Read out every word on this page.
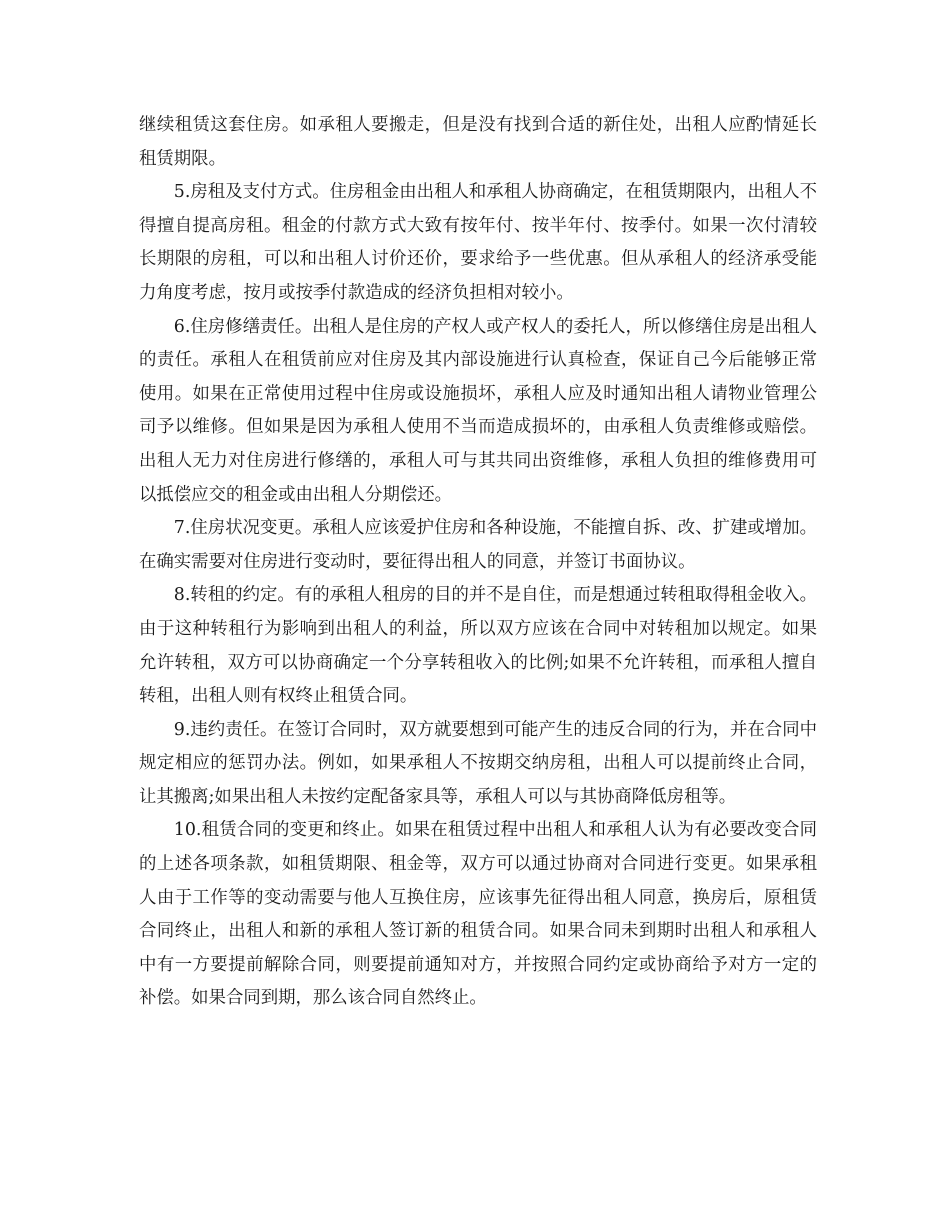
继续租赁这套住房。如承租人要搬走，但是没有找到合适的新住处，出租人应酌情延长租赁期限。

5.房租及支付方式。住房租金由出租人和承租人协商确定，在租赁期限内，出租人不得擅自提高房租。租金的付款方式大致有按年付、按半年付、按季付。如果一次付清较长期限的房租，可以和出租人讨价还价，要求给予一些优惠。但从承租人的经济承受能力角度考虑，按月或按季付款造成的经济负担相对较小。

6.住房修缮责任。出租人是住房的产权人或产权人的委托人，所以修缮住房是出租人的责任。承租人在租赁前应对住房及其内部设施进行认真检查，保证自己今后能够正常使用。如果在正常使用过程中住房或设施损坏，承租人应及时通知出租人请物业管理公司予以维修。但如果是因为承租人使用不当而造成损坏的，由承租人负责维修或赔偿。出租人无力对住房进行修缮的，承租人可与其共同出资维修，承租人负担的维修费用可以抵偿应交的租金或由出租人分期偿还。

7.住房状况变更。承租人应该爱护住房和各种设施，不能擅自拆、改、扩建或增加。在确实需要对住房进行变动时，要征得出租人的同意，并签订书面协议。

8.转租的约定。有的承租人租房的目的并不是自住，而是想通过转租取得租金收入。由于这种转租行为影响到出租人的利益，所以双方应该在合同中对转租加以规定。如果允许转租，双方可以协商确定一个分享转租收入的比例;如果不允许转租，而承租人擅自转租，出租人则有权终止租赁合同。

9.违约责任。在签订合同时，双方就要想到可能产生的违反合同的行为，并在合同中规定相应的惩罚办法。例如，如果承租人不按期交纳房租，出租人可以提前终止合同，让其搬离;如果出租人未按约定配备家具等，承租人可以与其协商降低房租等。

10.租赁合同的变更和终止。如果在租赁过程中出租人和承租人认为有必要改变合同的上述各项条款，如租赁期限、租金等，双方可以通过协商对合同进行变更。如果承租人由于工作等的变动需要与他人互换住房，应该事先征得出租人同意，换房后，原租赁合同终止，出租人和新的承租人签订新的租赁合同。如果合同未到期时出租人和承租人中有一方要提前解除合同，则要提前通知对方，并按照合同约定或协商给予对方一定的补偿。如果合同到期，那么该合同自然终止。
